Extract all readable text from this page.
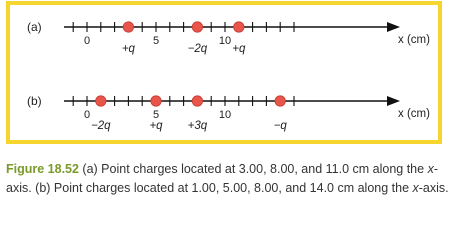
(a)
0	5	10
+q	−2q +q
x (cm)
(b)
0	5	10
−2q	+q +3q	−q
x (cm)

Figure 18.52 (a) Point charges located at 3.00, 8.00, and 11.0 cm along the x-axis. (b) Point charges located at 1.00, 5.00, 8.00, and 14.0 cm along the x-axis.
